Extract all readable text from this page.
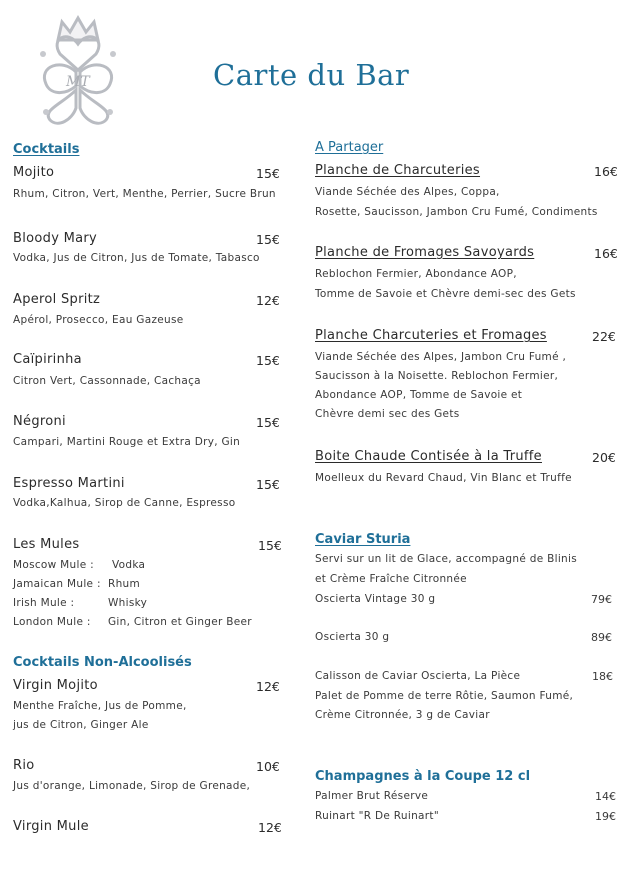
MT	Carte du Bar
Cocktails
Mojito	15€
Rhum, Citron, Vert, Menthe, Perrier, Sucre Brun
Bloody Mary	15€
Vodka, Jus de Citron, Jus de Tomate, Tabasco
Aperol Spritz	12€
Apérol, Prosecco, Eau Gazeuse
Caïpirinha	15€
Citron Vert, Cassonnade, Cachaça
Négroni	15€
Campari, Martini Rouge et Extra Dry, Gin
Espresso Martini	15€
Vodka,Kalhua, Sirop de Canne, Espresso
Les Mules	15€
Moscow Mule : Vodka
Jamaican Mule : Rhum
Irish Mule :	Whisky
London Mule : Gin, Citron et Ginger Beer
Cocktails Non-Alcoolisés
Virgin Mojito	12€
Menthe Fraîche, Jus de Pomme,
jus de Citron, Ginger Ale
Rio	10€
Jus d'orange, Limonade, Sirop de Grenade,
Virgin Mule	12€
A Partager
Planche de Charcuteries	16€
Viande Séchée des Alpes, Coppa,
Rosette, Saucisson, Jambon Cru Fumé, Condiments
Planche de Fromages Savoyards	16€
Reblochon Fermier, Abondance AOP,
Tomme de Savoie et Chèvre demi-sec des Gets
Planche Charcuteries et Fromages	22€
Viande Séchée des Alpes, Jambon Cru Fumé ,
Saucisson à la Noisette. Reblochon Fermier,
Abondance AOP, Tomme de Savoie et
Chèvre demi sec des Gets
Boite Chaude Contisée à la Truffe	20€
Moelleux du Revard Chaud, Vin Blanc et Truffe
Caviar Sturia
Servi sur un lit de Glace, accompagné de Blinis
et Crème Fraîche Citronnée
Oscierta Vintage 30 g	79€
Oscierta 30 g	89€
Calisson de Caviar Oscierta, La Pièce	18€
Palet de Pomme de terre Rôtie, Saumon Fumé,
Crème Citronnée, 3 g de Caviar
Champagnes à la Coupe 12 cl
Palmer Brut Réserve	14€
Ruinart "R De Ruinart"	19€
